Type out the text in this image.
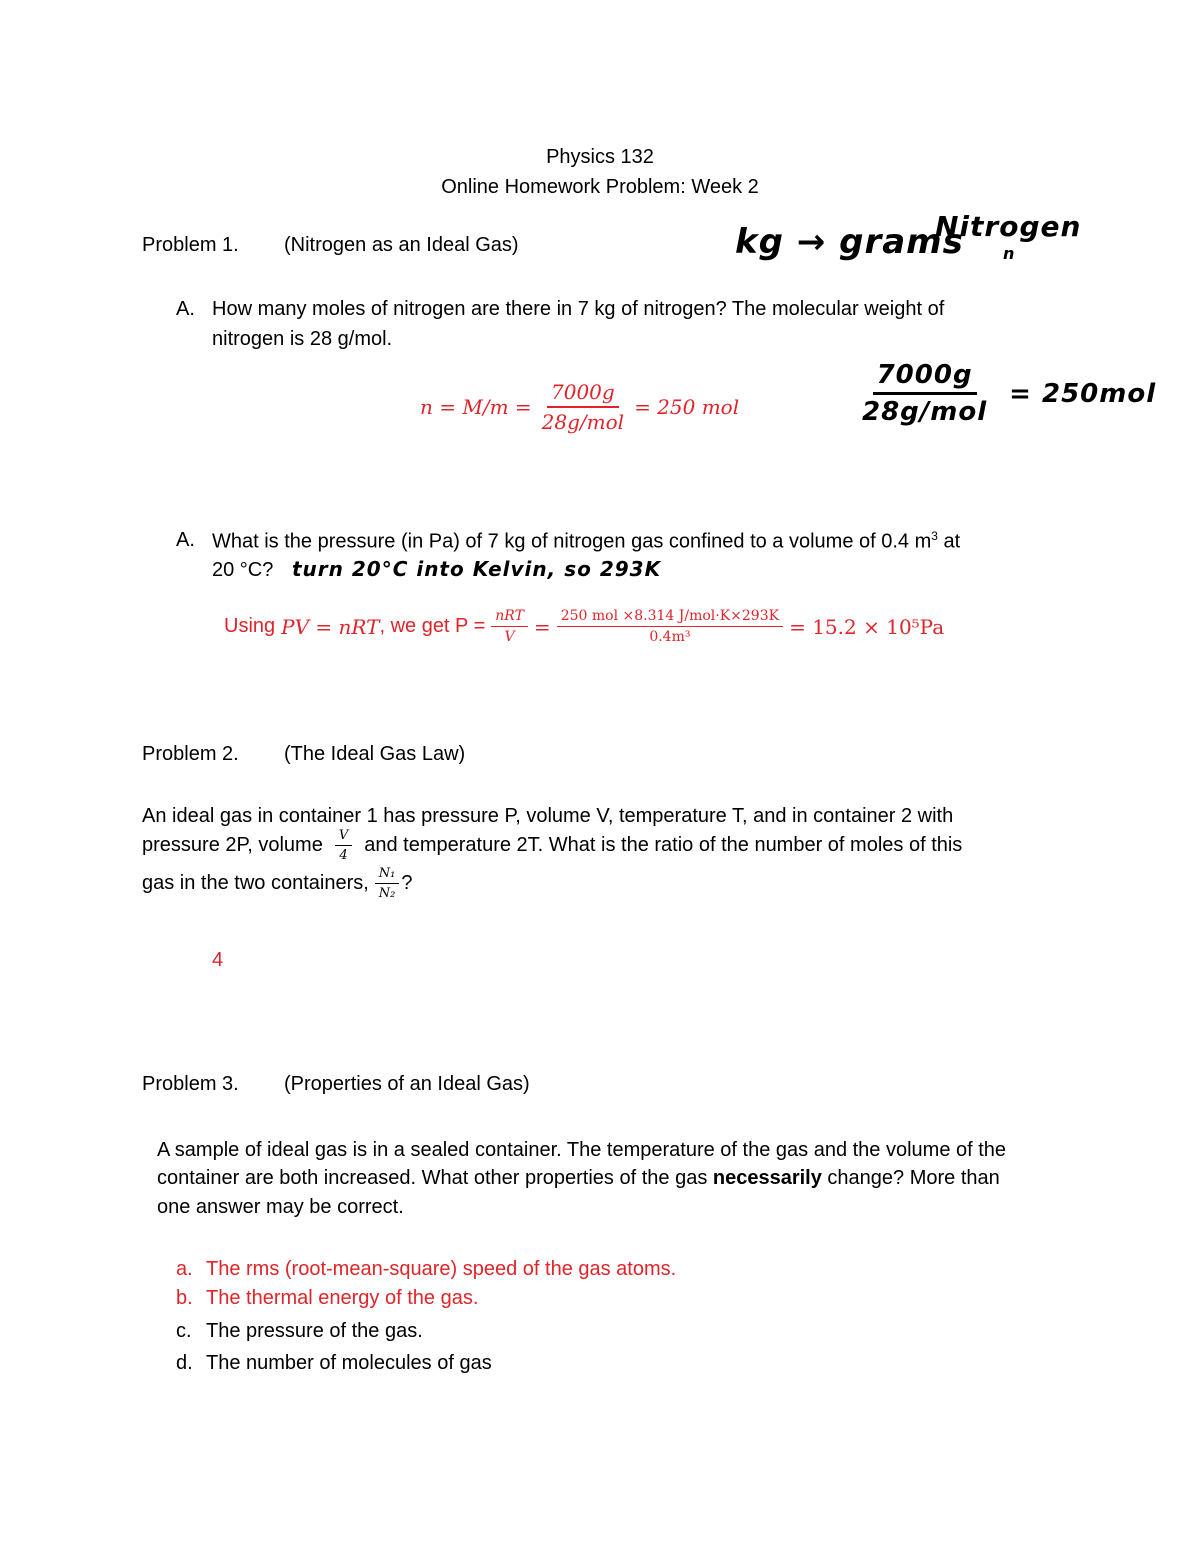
Physics 132
Online Homework Problem: Week 2
Problem 1. (Nitrogen as an Ideal Gas)	kg → grams
Nitrogen
n
A. How many moles of nitrogen are there in 7 kg of nitrogen? The molecular weight of
nitrogen is 28 g/mol.
$n = M/m = \frac{7000g}{\text{28g/mol}} = 250$ mol	$\frac{7000g}{\text{28g/mol}} = 250mol$
A. What is the pressure (in Pa) of 7 kg of nitrogen gas confined to a volume of 0.4 $m^3$ at
20 °C? turn 20°C into Kelvin, so 293K
Using PV = nRT , we get $P = \frac{\text{nRT}}{V} = \frac{\text{250 mol ×8.314 J/mol·K×293K}}{\text{0.4m³}} = 15.2 \times 10^5Pa$
Problem 2. (The Ideal Gas Law)
An ideal gas in container 1 has pressure P, volume V, temperature T, and in container 2 with
pressure 2P, volume $\frac{V}{4}$ and temperature 2T. What is the ratio of the number of moles of this
gas in the two containers, $\frac{\text{N₁}}{\text{N₂}}$ ?
4
Problem 3. (Properties of an Ideal Gas)
A sample of ideal gas is in a sealed container. The temperature of the gas and the volume of the
container are both increased. What other properties of the gas necessarily change? More than
one answer may be correct.
a. The rms (root-mean-square) speed of the gas atoms.
b. The thermal energy of the gas.
c. The pressure of the gas.
d. The number of molecules of gas
